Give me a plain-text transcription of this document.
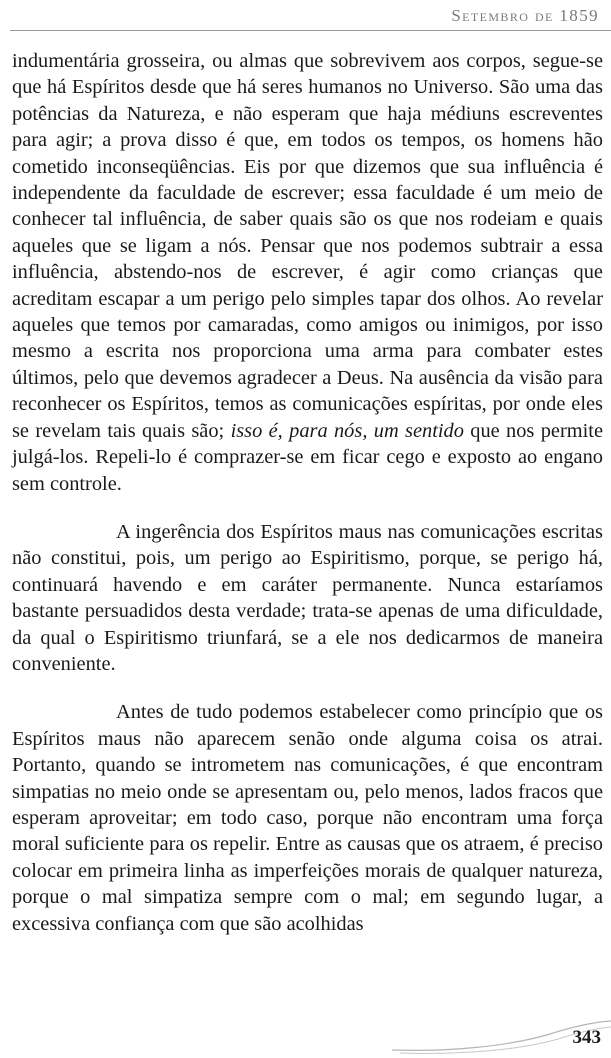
Setembro de 1859

indumentária grosseira, ou almas que sobrevivem aos corpos, segue-se que há Espíritos desde que há seres humanos no Universo. São uma das potências da Natureza, e não esperam que haja médiuns escreventes para agir; a prova disso é que, em todos os tempos, os homens hão cometido inconseqüências. Eis por que dizemos que sua influência é independente da faculdade de escrever; essa faculdade é um meio de conhecer tal influência, de saber quais são os que nos rodeiam e quais aqueles que se ligam a nós. Pensar que nos podemos subtrair a essa influência, abstendo-nos de escrever, é agir como crianças que acreditam escapar a um perigo pelo simples tapar dos olhos. Ao revelar aqueles que temos por camaradas, como amigos ou inimigos, por isso mesmo a escrita nos proporciona uma arma para combater estes últimos, pelo que devemos agradecer a Deus. Na ausência da visão para reconhecer os Espíritos, temos as comunicações espíritas, por onde eles se revelam tais quais são; isso é, para nós, um sentido que nos permite julgá-los. Repeli-lo é comprazer-se em ficar cego e exposto ao engano sem controle.

A ingerência dos Espíritos maus nas comunicações escritas não constitui, pois, um perigo ao Espiritismo, porque, se perigo há, continuará havendo e em caráter permanente. Nunca estaríamos bastante persuadidos desta verdade; trata-se apenas de uma dificuldade, da qual o Espiritismo triunfará, se a ele nos dedicarmos de maneira conveniente.

Antes de tudo podemos estabelecer como princípio que os Espíritos maus não aparecem senão onde alguma coisa os atrai. Portanto, quando se intrometem nas comunicações, é que encontram simpatias no meio onde se apresentam ou, pelo menos, lados fracos que esperam aproveitar; em todo caso, porque não encontram uma força moral suficiente para os repelir. Entre as causas que os atraem, é preciso colocar em primeira linha as imperfeições morais de qualquer natureza, porque o mal simpatiza sempre com o mal; em segundo lugar, a excessiva confiança com que são acolhidas

343
